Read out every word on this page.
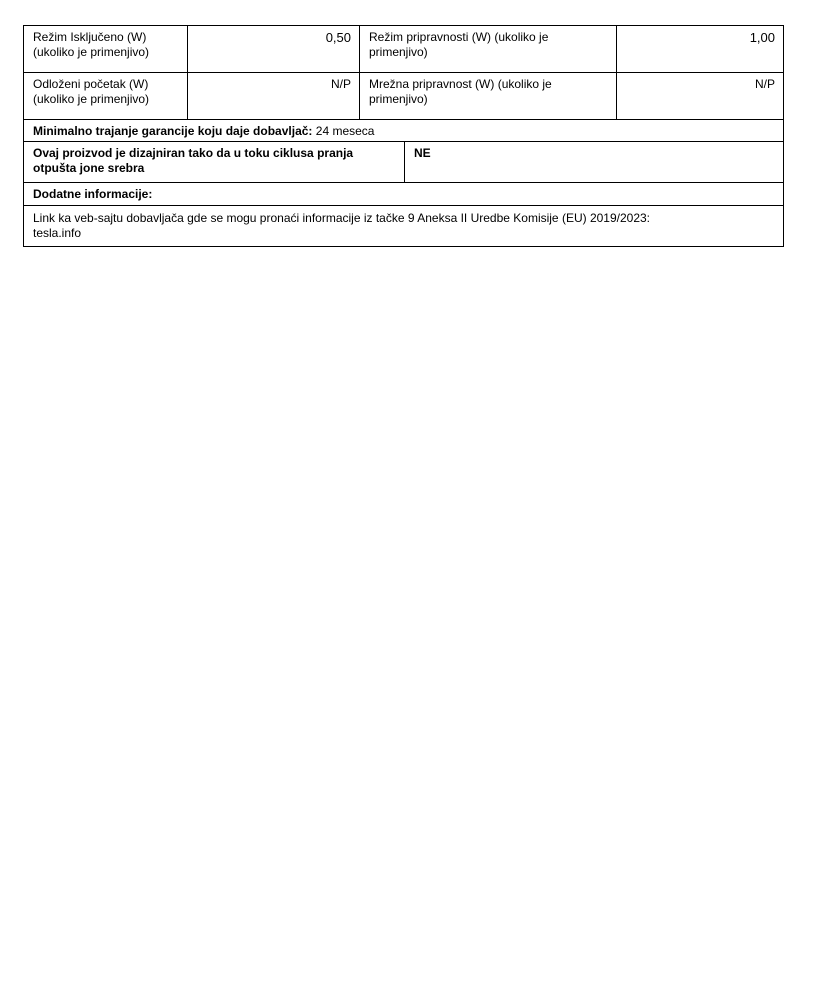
Režim Isključeno (W) (ukoliko je primenjivo)
0,50	Režim pripravnosti (W) (ukoliko je primenjivo)
1,00
Odloženi početak (W) (ukoliko je primenjivo)
N/P	Mrežna pripravnost (W) (ukoliko je primenjivo)
N/P
Minimalno trajanje garancije koju daje dobavljač: 24 meseca
Ovaj proizvod je dizajniran tako da u toku ciklusa pranja otpušta jone srebra
NE
Dodatne informacije:
Link ka veb-sajtu dobavljača gde se mogu pronaći informacije iz tačke 9 Aneksa II Uredbe Komisije (EU) 2019/2023:
tesla.info
